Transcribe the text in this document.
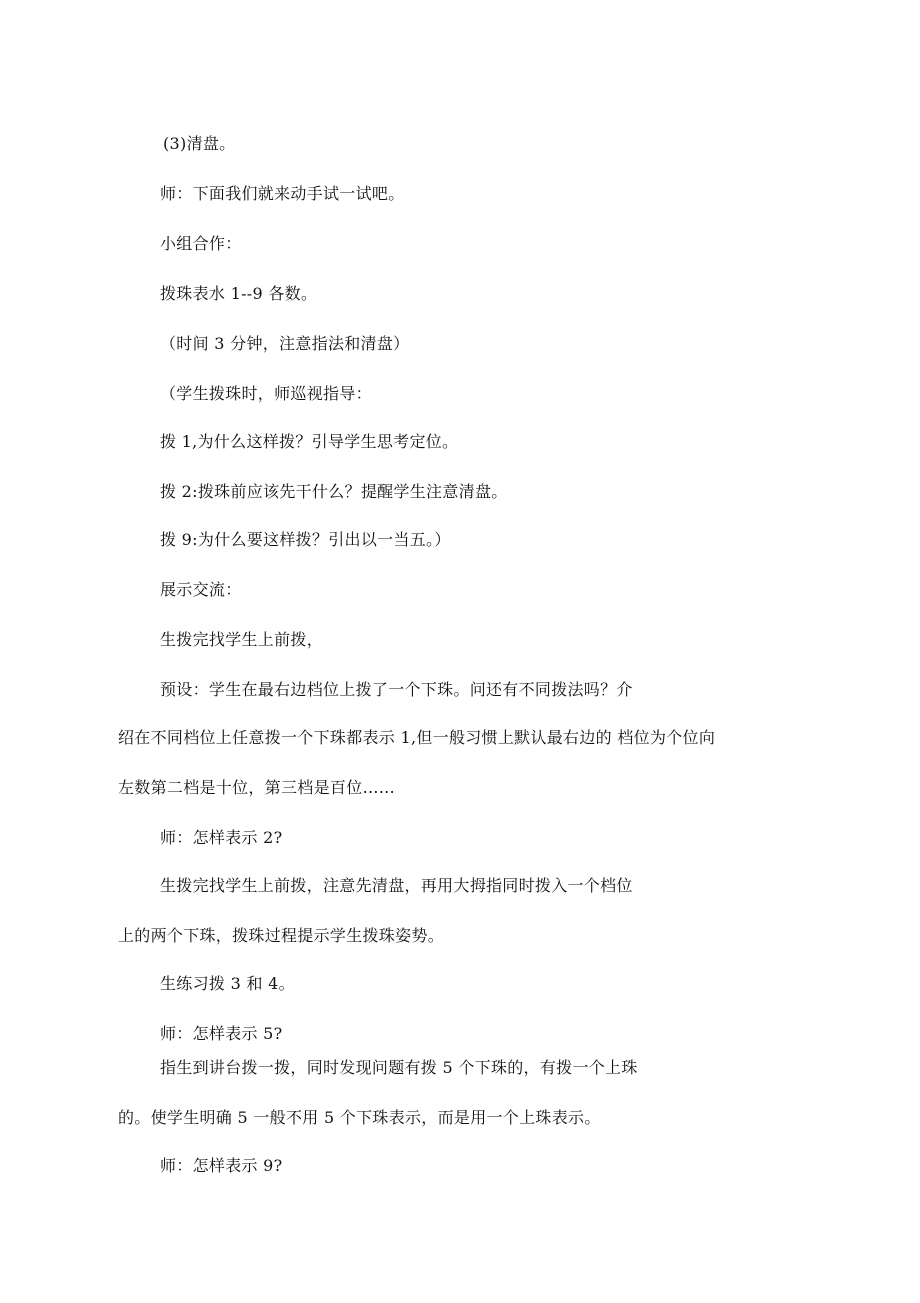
(3)清盘。
师：下面我们就来动手试一试吧。
小组合作：
拨珠表水 1--9 各数。
（时间 3 分钟，注意指法和清盘）
（学生拨珠时，师巡视指导：
拨 1,为什么这样拨？引导学生思考定位。
拨 2:拨珠前应该先干什么？提醒学生注意清盘。
拨 9:为什么要这样拨？引出以一当五。）
展示交流：
生拨完找学生上前拨，
预设：学生在最右边档位上拨了一个下珠。问还有不同拨法吗？介
绍在不同档位上任意拨一个下珠都表示 1,但一般习惯上默认最右边的 档位为个位向
左数第二档是十位，第三档是百位……
师：怎样表示 2?
生拨完找学生上前拨，注意先清盘，再用大拇指同时拨入一个档位
上的两个下珠，拨珠过程提示学生拨珠姿势。
生练习拨 3 和 4。
师：怎样表示 5?
指生到讲台拨一拨，同时发现问题有拨 5 个下珠的，有拨一个上珠
的。使学生明确 5 一般不用 5 个下珠表示，而是用一个上珠表示。
师：怎样表示 9?
